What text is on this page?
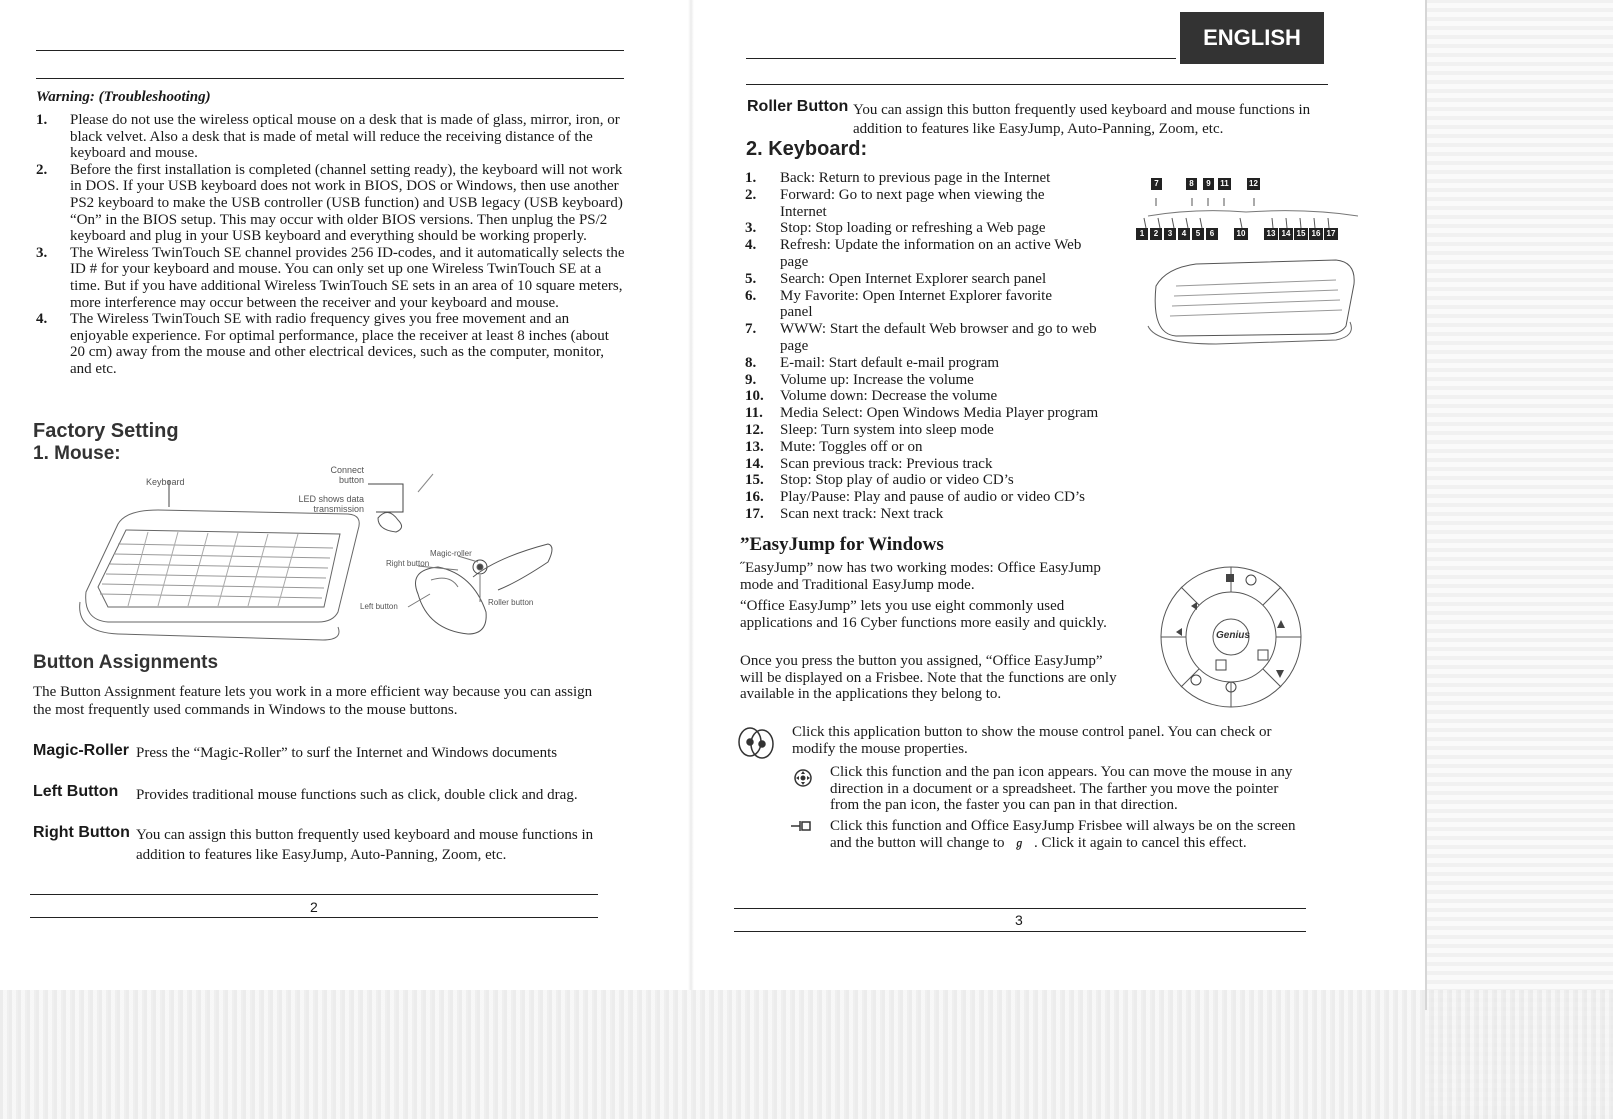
Warning: (Troubleshooting)
1.	Please do not use the wireless optical mouse on a desk that is made of glass, mirror, iron, or black velvet. Also a desk that is made of metal will reduce the receiving distance of the keyboard and mouse.
2.	Before the first installation is completed (channel setting ready), the keyboard will not work in DOS. If your USB keyboard does not work in BIOS, DOS or Windows, then use another PS2 keyboard to make the USB controller (USB function) and USB legacy (USB keyboard) “On” in the BIOS setup. This may occur with older BIOS versions. Then unplug the PS/2 keyboard and plug in your USB keyboard and everything should be working properly.
3.	The Wireless TwinTouch SE channel provides 256 ID-codes, and it automatically selects the ID # for your keyboard and mouse. You can only set up one Wireless TwinTouch SE at a time. But if you have additional Wireless TwinTouch SE sets in an area of 10 square meters, more interference may occur between the receiver and your keyboard and mouse.
4.	The Wireless TwinTouch SE with radio frequency gives you free movement and an enjoyable experience. For optimal performance, place the receiver at least 8 inches (about 20 cm) away from the mouse and other electrical devices, such as the computer, monitor, and etc.
Factory Setting
1. Mouse:
Keyboard
Connect button
LED shows data transmission
Magic-roller
Right button
Left button	Roller button
Button Assignments
The Button Assignment feature lets you work in a more efficient way because you can assign the most frequently used commands in Windows to the mouse buttons.
Magic-Roller Press the “Magic-Roller” to surf the Internet and Windows documents
Left Button Provides traditional mouse functions such as click, double click and drag.
Right Button You can assign this button frequently used keyboard and mouse functions in addition to features like EasyJump, Auto-Panning, Zoom, etc.
2
ENGLISH
Roller Button You can assign this button frequently used keyboard and mouse functions in addition to features like EasyJump, Auto-Panning, Zoom, etc.
2. Keyboard:
1.	Back: Return to previous page in the Internet
2.	Forward: Go to next page when viewing the Internet
3.	Stop: Stop loading or refreshing a Web page
4.	Refresh: Update the information on an active Web page
5.	Search: Open Internet Explorer search panel
6.	My Favorite: Open Internet Explorer favorite panel
7.	WWW: Start the default Web browser and go to web page
8.	E-mail: Start default e-mail program
9.	Volume up: Increase the volume
10.	Volume down: Decrease the volume
11.	Media Select: Open Windows Media Player program
12.	Sleep: Turn system into sleep mode
13.	Mute: Toggles off or on
14.	Scan previous track: Previous track
15.	Stop: Stop play of audio or video CD’s
16.	Play/Pause: Play and pause of audio or video CD’s
17.	Scan next track: Next track
7	8	9	11	12
1	2	3	4	5	6	10	13 14 15 16 17
”EasyJump for Windows
˝EasyJump” now has two working modes: Office EasyJump mode and Traditional EasyJump mode.
“Office EasyJump” lets you use eight commonly used applications and 16 Cyber functions more easily and quickly.
Once you press the button you assigned, “Office EasyJump” will be displayed on a Frisbee. Note that the functions are only available in the applications they belong to.
Genius
Click this application button to show the mouse control panel. You can check or modify the mouse properties.
Click this function and the pan icon appears. You can move the mouse in any direction in a document or a spreadsheet. The farther you move the pointer from the pan icon, the faster you can pan in that direction.
Click this function and Office EasyJump Frisbee will always be on the screen and the button will change to ℊ . Click it again to cancel this effect.
3
